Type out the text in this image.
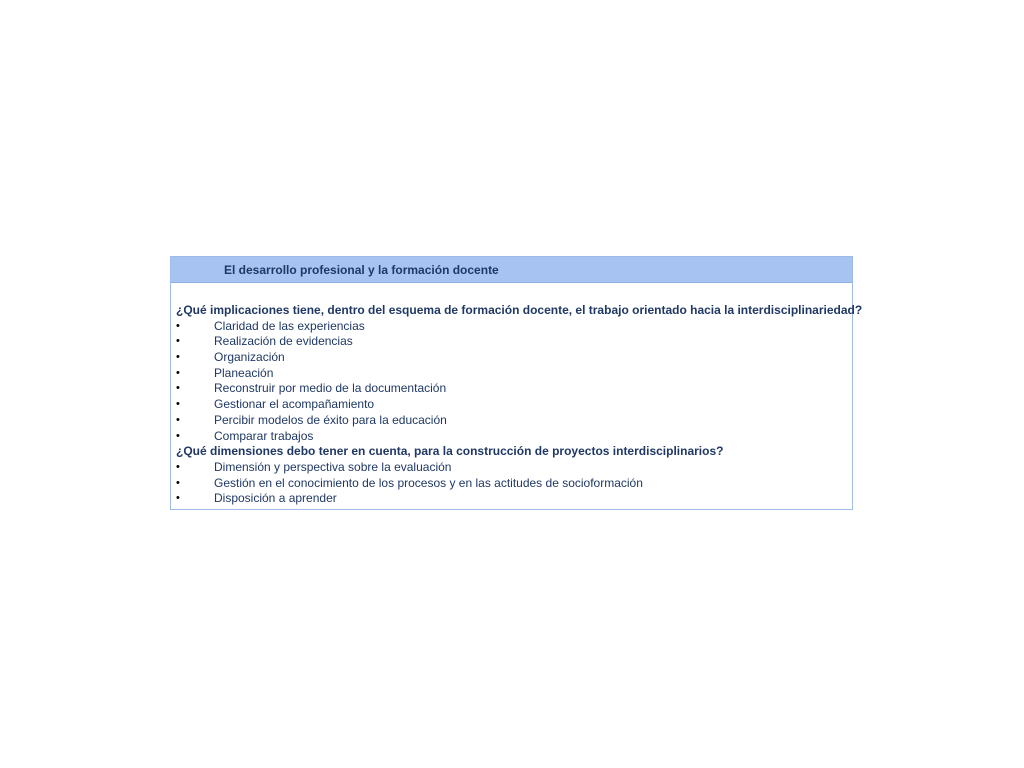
El desarrollo profesional y la formación docente
¿Qué implicaciones tiene, dentro del esquema de formación docente, el trabajo orientado hacia la interdisciplinariedad?
•	Claridad de las experiencias
•	Realización de evidencias
•	Organización
•	Planeación
•	Reconstruir por medio de la documentación
•	Gestionar el acompañamiento
•	Percibir modelos de éxito para la educación
•	Comparar trabajos
¿Qué dimensiones debo tener en cuenta, para la construcción de proyectos interdisciplinarios?
•	Dimensión y perspectiva sobre la evaluación
•	Gestión en el conocimiento de los procesos y en las actitudes de socioformación
•	Disposición a aprender
